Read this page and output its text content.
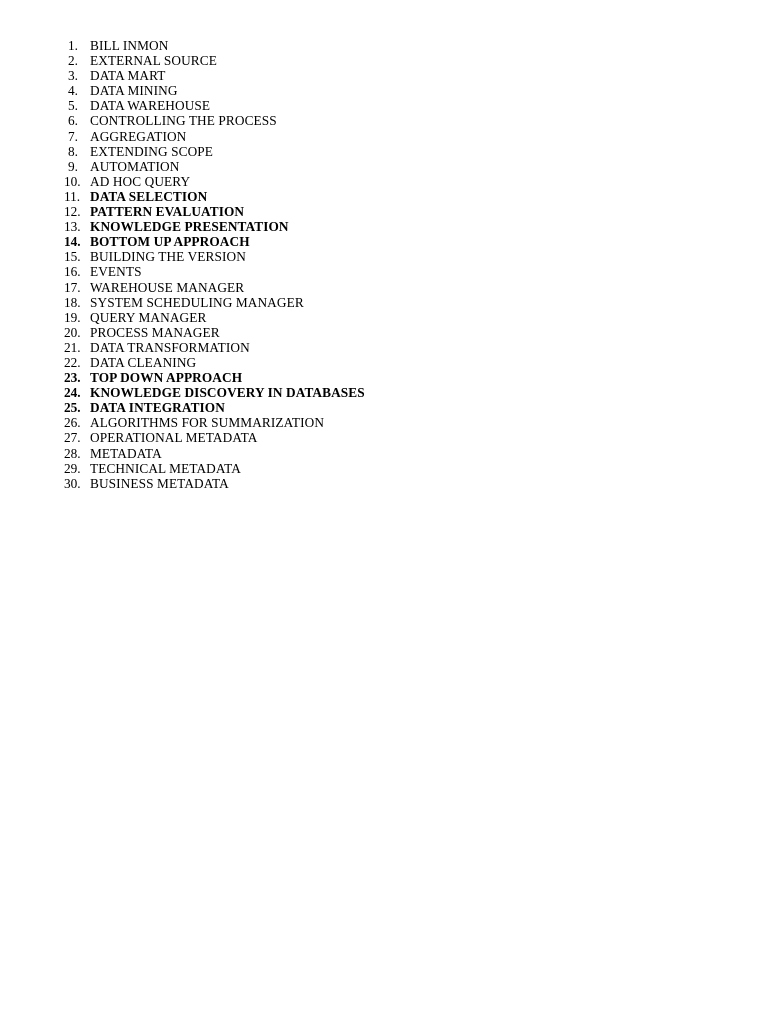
1. BILL INMON
2. EXTERNAL SOURCE
3. DATA MART
4. DATA MINING
5. DATA WAREHOUSE
6. CONTROLLING THE PROCESS
7. AGGREGATION
8. EXTENDING SCOPE
9. AUTOMATION
10. AD HOC QUERY
11. DATA SELECTION
12. PATTERN EVALUATION
13. KNOWLEDGE PRESENTATION
14. BOTTOM UP APPROACH
15. BUILDING THE VERSION
16. EVENTS
17. WAREHOUSE MANAGER
18. SYSTEM SCHEDULING MANAGER
19. QUERY MANAGER
20. PROCESS MANAGER
21. DATA TRANSFORMATION
22. DATA CLEANING
23. TOP DOWN APPROACH
24. KNOWLEDGE DISCOVERY IN DATABASES
25. DATA INTEGRATION
26. ALGORITHMS FOR SUMMARIZATION
27. OPERATIONAL METADATA
28. METADATA
29. TECHNICAL METADATA
30. BUSINESS METADATA
